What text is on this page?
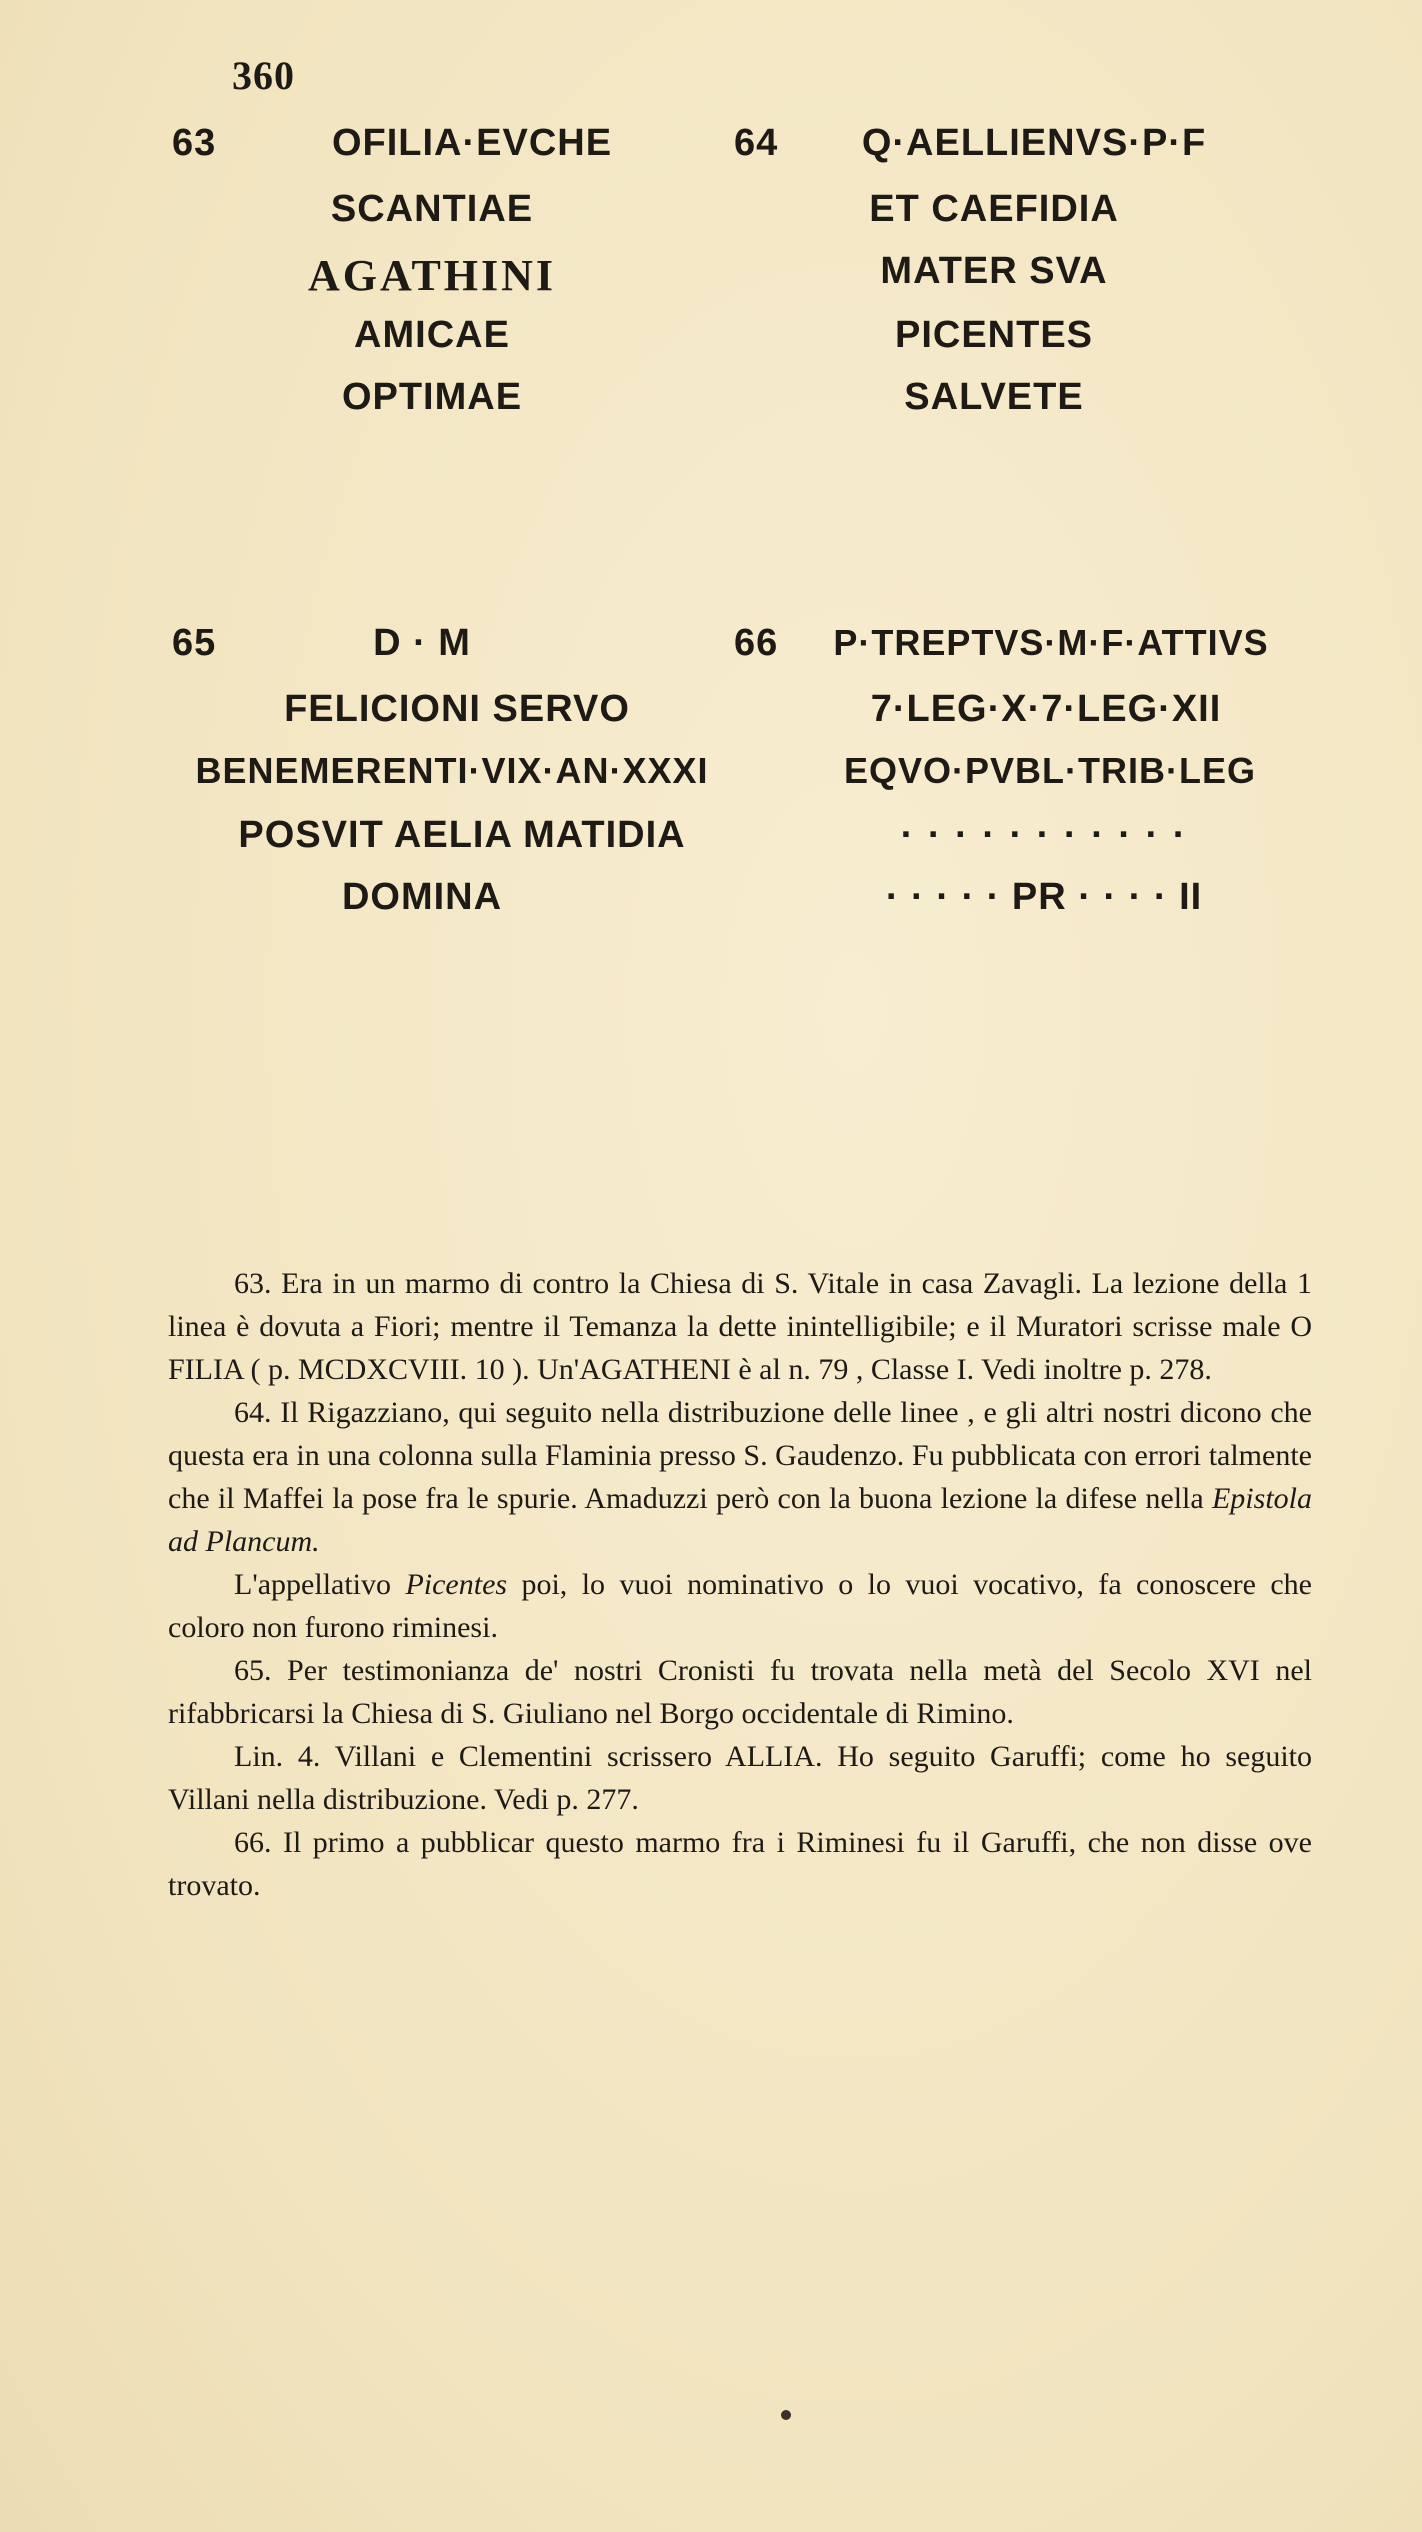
360
63	OFILIA·EVCHE
SCANTIAE
AGATHINI
AMICAE
OPTIMAE
64	Q·AELLIENVS·P·F
ET CAEFIDIA
MATER SVA
PICENTES
SALVETE
65	D · M
FELICIONI SERVO
BENEMERENTI·VIX·AN·XXXI
POSVIT AELIA MATIDIA
DOMINA
66	P·TREPTVS·M·F·ATTIVS
7·LEG·X·7·LEG·XII
EQVO·PVBL·TRIB·LEG
· · · · · · · · · · ·
· · · · · PR · · · · II

63. Era in un marmo di contro la Chiesa di S. Vitale in casa Zavagli. La lezione della 1 linea è dovuta a Fiori; mentre il Temanza la dette inintelligibile; e il Muratori scrisse male O FILIA ( p. MCDXCVIII. 10 ). Un'AGATHENI è al n. 79 , Classe I. Vedi inoltre p. 278.

64. Il Rigazziano, qui seguito nella distribuzione delle linee , e gli altri nostri dicono che questa era in una colonna sulla Flaminia presso S. Gaudenzo. Fu pubblicata con errori talmente che il Maffei la pose fra le spurie. Amaduzzi però con la buona lezione la difese nella Epistola ad Plancum.

L'appellativo Picentes poi, lo vuoi nominativo o lo vuoi vocativo, fa conoscere che coloro non furono riminesi.

65. Per testimonianza de' nostri Cronisti fu trovata nella metà del Secolo XVI nel rifabbricarsi la Chiesa di S. Giuliano nel Borgo occidentale di Rimino.

Lin. 4. Villani e Clementini scrissero ALLIA. Ho seguito Garuffi; come ho seguito Villani nella distribuzione. Vedi p. 277.

66. Il primo a pubblicar questo marmo fra i Riminesi fu il Garuffi, che non disse ove trovato.
